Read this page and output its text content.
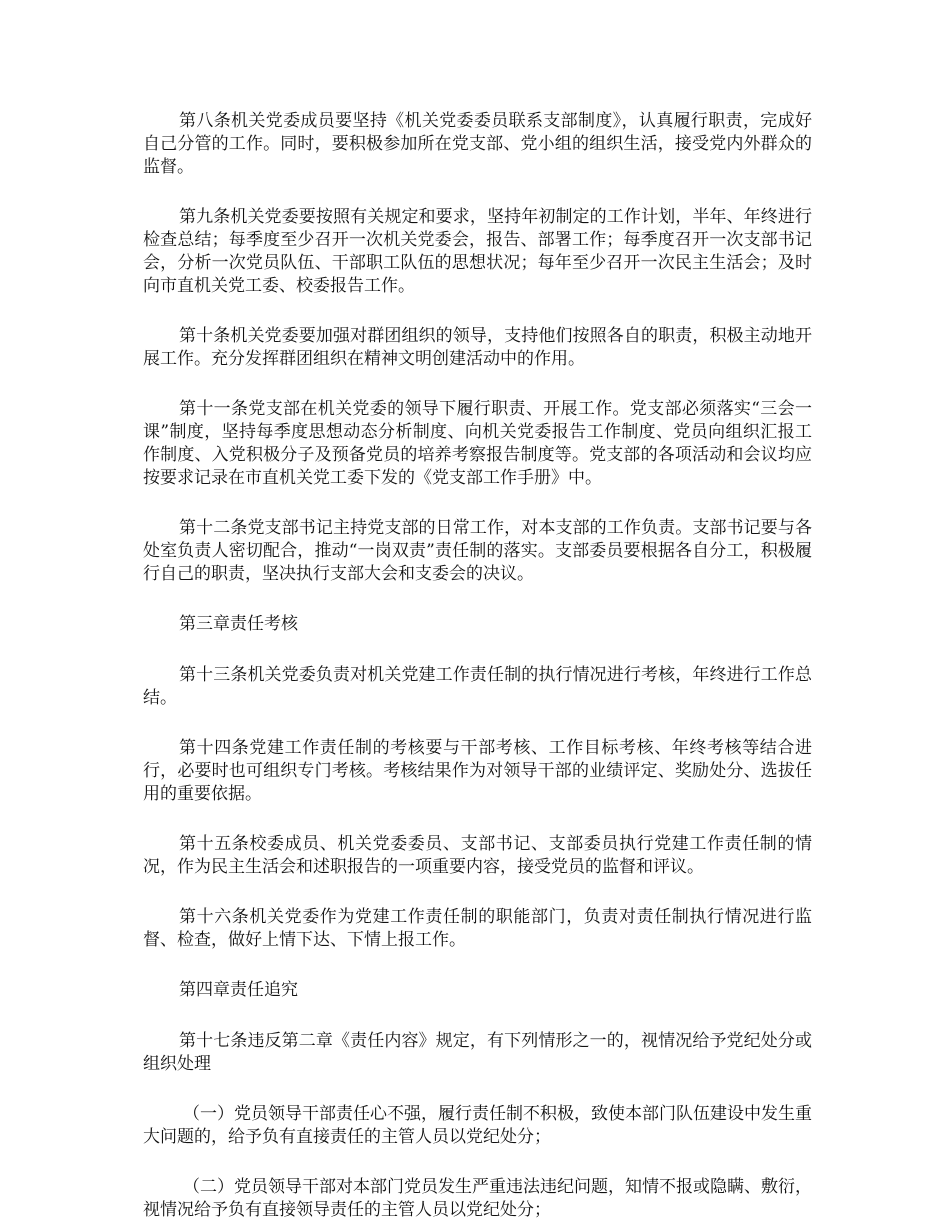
第八条机关党委成员要坚持《机关党委委员联系支部制度》，认真履行职责，完成好自己分管的工作。同时，要积极参加所在党支部、党小组的组织生活，接受党内外群众的监督。

第九条机关党委要按照有关规定和要求，坚持年初制定的工作计划，半年、年终进行检查总结；每季度至少召开一次机关党委会，报告、部署工作；每季度召开一次支部书记会，分析一次党员队伍、干部职工队伍的思想状况；每年至少召开一次民主生活会；及时向市直机关党工委、校委报告工作。

第十条机关党委要加强对群团组织的领导，支持他们按照各自的职责，积极主动地开展工作。充分发挥群团组织在精神文明创建活动中的作用。

第十一条党支部在机关党委的领导下履行职责、开展工作。党支部必须落实“三会一课”制度，坚持每季度思想动态分析制度、向机关党委报告工作制度、党员向组织汇报工作制度、入党积极分子及预备党员的培养考察报告制度等。党支部的各项活动和会议均应按要求记录在市直机关党工委下发的《党支部工作手册》中。

第十二条党支部书记主持党支部的日常工作，对本支部的工作负责。支部书记要与各处室负责人密切配合，推动“一岗双责”责任制的落实。支部委员要根据各自分工，积极履行自己的职责，坚决执行支部大会和支委会的决议。

第三章责任考核

第十三条机关党委负责对机关党建工作责任制的执行情况进行考核，年终进行工作总结。

第十四条党建工作责任制的考核要与干部考核、工作目标考核、年终考核等结合进行，必要时也可组织专门考核。考核结果作为对领导干部的业绩评定、奖励处分、选拔任用的重要依据。

第十五条校委成员、机关党委委员、支部书记、支部委员执行党建工作责任制的情况，作为民主生活会和述职报告的一项重要内容，接受党员的监督和评议。

第十六条机关党委作为党建工作责任制的职能部门，负责对责任制执行情况进行监督、检查，做好上情下达、下情上报工作。

第四章责任追究

第十七条违反第二章《责任内容》规定，有下列情形之一的，视情况给予党纪处分或组织处理

（一）党员领导干部责任心不强，履行责任制不积极，致使本部门队伍建设中发生重大问题的，给予负有直接责任的主管人员以党纪处分；

（二）党员领导干部对本部门党员发生严重违法违纪问题，知情不报或隐瞒、敷衍，视情况给予负有直接领导责任的主管人员以党纪处分；
